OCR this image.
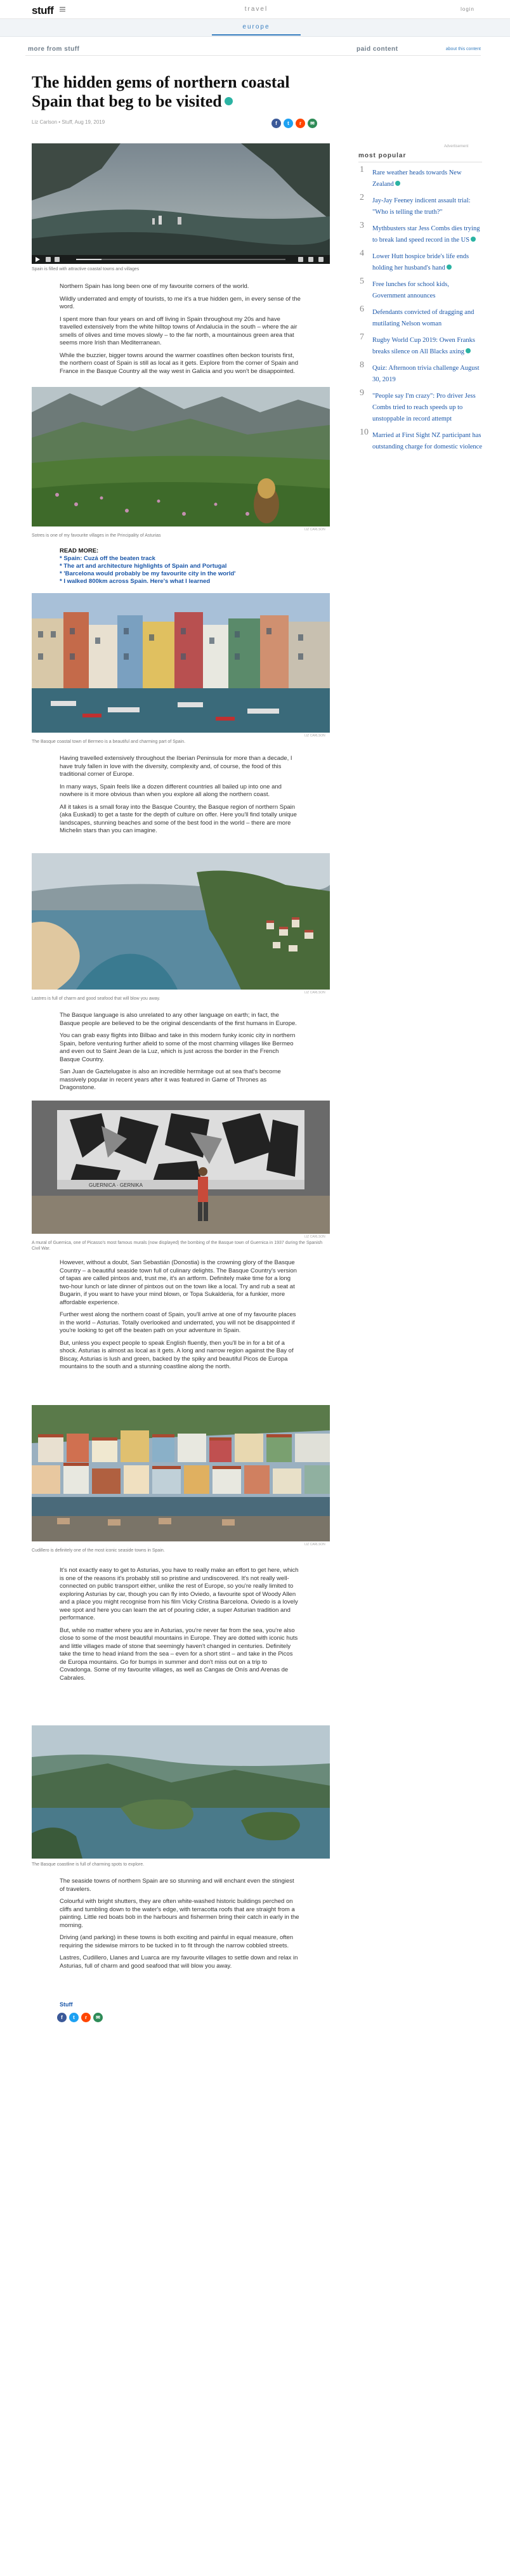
stuff	travel	login
europe
more from stuff	paid content	about this content
The hidden gems of northern coastal Spain that beg to be visited
Liz Carlson • Stuff, Aug 19, 2019	f t r ✉
Spain is filled with attractive coastal towns and villages

Northern Spain has long been one of my favourite corners of the world.

Wildly underrated and empty of tourists, to me it's a true hidden gem, in every sense of the word.

I spent more than four years on and off living in Spain throughout my 20s and have travelled extensively from the white hilltop towns of Andalucia in the south – where the air smells of olives and time moves slowly – to the far north, a mountainous green area that seems more Irish than Mediterranean.

While the buzzier, bigger towns around the warmer coastlines often beckon tourists first, the northern coast of Spain is still as local as it gets. Explore from the corner of Spain and France in the Basque Country all the way west in Galicia and you won't be disappointed.

LIZ CARLSON
Sotres is one of my favourite villages in the Principality of Asturias
READ MORE:
* Spain: Cuzá off the beaten track
* The art and architecture highlights of Spain and Portugal
* 'Barcelona would probably be my favourite city in the world'
* I walked 800km across Spain. Here's what I learned
LIZ CARLSON
The Basque coastal town of Bermeo is a beautiful and charming part of Spain.

Having travelled extensively throughout the Iberian Peninsula for more than a decade, I have truly fallen in love with the diversity, complexity and, of course, the food of this traditional corner of Europe.

In many ways, Spain feels like a dozen different countries all bailed up into one and nowhere is it more obvious than when you explore all along the northern coast.

All it takes is a small foray into the Basque Country, the Basque region of northern Spain (aka Euskadi) to get a taste for the depth of culture on offer. Here you'll find totally unique landscapes, stunning beaches and some of the best food in the world – there are more Michelin stars than you can imagine.

LIZ CARLSON
Lastres is full of charm and good seafood that will blow you away.

The Basque language is also unrelated to any other language on earth; in fact, the Basque people are believed to be the original descendants of the first humans in Europe.

You can grab easy flights into Bilbao and take in this modern funky iconic city in northern Spain, before venturing further afield to some of the most charming villages like Bermeo and even out to Saint Jean de la Luz, which is just across the border in the French Basque Country.

San Juan de Gaztelugatxe is also an incredible hermitage out at sea that's become massively popular in recent years after it was featured in Game of Thrones as Dragonstone.

GUERNICA · GERNIKA
LIZ CARLSON
A mural of Guernica, one of Picasso's most famous murals (now displayed) the bombing of the Basque town of Guernica in 1937 during the Spanish Civil War.

However, without a doubt, San Sebastián (Donostia) is the crowning glory of the Basque Country – a beautiful seaside town full of culinary delights. The Basque Country's version of tapas are called pintxos and, trust me, it's an artform. Definitely make time for a long two-hour lunch or late dinner of pintxos out on the town like a local. Try and rub a seat at Bugarin, if you want to have your mind blown, or Topa Sukalderia, for a funkier, more affordable experience.

Further west along the northern coast of Spain, you'll arrive at one of my favourite places in the world – Asturias. Totally overlooked and underrated, you will not be disappointed if you're looking to get off the beaten path on your adventure in Spain.

But, unless you expect people to speak English fluently, then you'll be in for a bit of a shock. Asturias is almost as local as it gets. A long and narrow region against the Bay of Biscay, Asturias is lush and green, backed by the spiky and beautiful Picos de Europa mountains to the south and a stunning coastline along the north.

LIZ CARLSON
Cudillero is definitely one of the most iconic seaside towns in Spain.

It's not exactly easy to get to Asturias, you have to really make an effort to get here, which is one of the reasons it's probably still so pristine and undiscovered. It's not really well-connected on public transport either, unlike the rest of Europe, so you're really limited to exploring Asturias by car, though you can fly into Oviedo, a favourite spot of Woody Allen and a place you might recognise from his film Vicky Cristina Barcelona. Oviedo is a lovely wee spot and here you can learn the art of pouring cider, a super Asturian tradition and performance.

But, while no matter where you are in Asturias, you're never far from the sea, you're also close to some of the most beautiful mountains in Europe. They are dotted with iconic huts and little villages made of stone that seemingly haven't changed in centuries. Definitely take the time to head inland from the sea – even for a short stint – and take in the Picos de Europa mountains. Go for bumps in summer and don't miss out on a trip to Covadonga. Some of my favourite villages, as well as Cangas de Onís and Arenas de Cabrales.

The Basque coastline is full of charming spots to explore.

The seaside towns of northern Spain are so stunning and will enchant even the stingiest of travelers.

Colourful with bright shutters, they are often white-washed historic buildings perched on cliffs and tumbling down to the water's edge, with terracotta roofs that are straight from a painting. Little red boats bob in the harbours and fishermen bring their catch in early in the morning.

Driving (and parking) in these towns is both exciting and painful in equal measure, often requiring the sidewise mirrors to be tucked in to fit through the narrow cobbled streets.

Lastres, Cudillero, Llanes and Luarca are my favourite villages to settle down and relax in Asturias, full of charm and good seafood that will blow you away.

Stuff
f t r ✉
Advertisement
most popular
1 Rare weather heads towards New Zealand
2 Jay-Jay Feeney indicent assault trial: "Who is telling the truth?"
3 Mythbusters star Jess Combs dies trying to break land speed record in the US
4 Lower Hutt hospice bride's life ends holding her husband's hand
5 Free lunches for school kids, Government announces
6 Defendants convicted of dragging and mutilating Nelson woman
7 Rugby World Cup 2019: Owen Franks breaks silence on All Blacks axing
8 Quiz: Afternoon trivia challenge August 30, 2019
9 "People say I'm crazy": Pro driver Jess Combs tried to reach speeds up to unstoppable in record attempt
10 Married at First Sight NZ participant has outstanding charge for domestic violence
